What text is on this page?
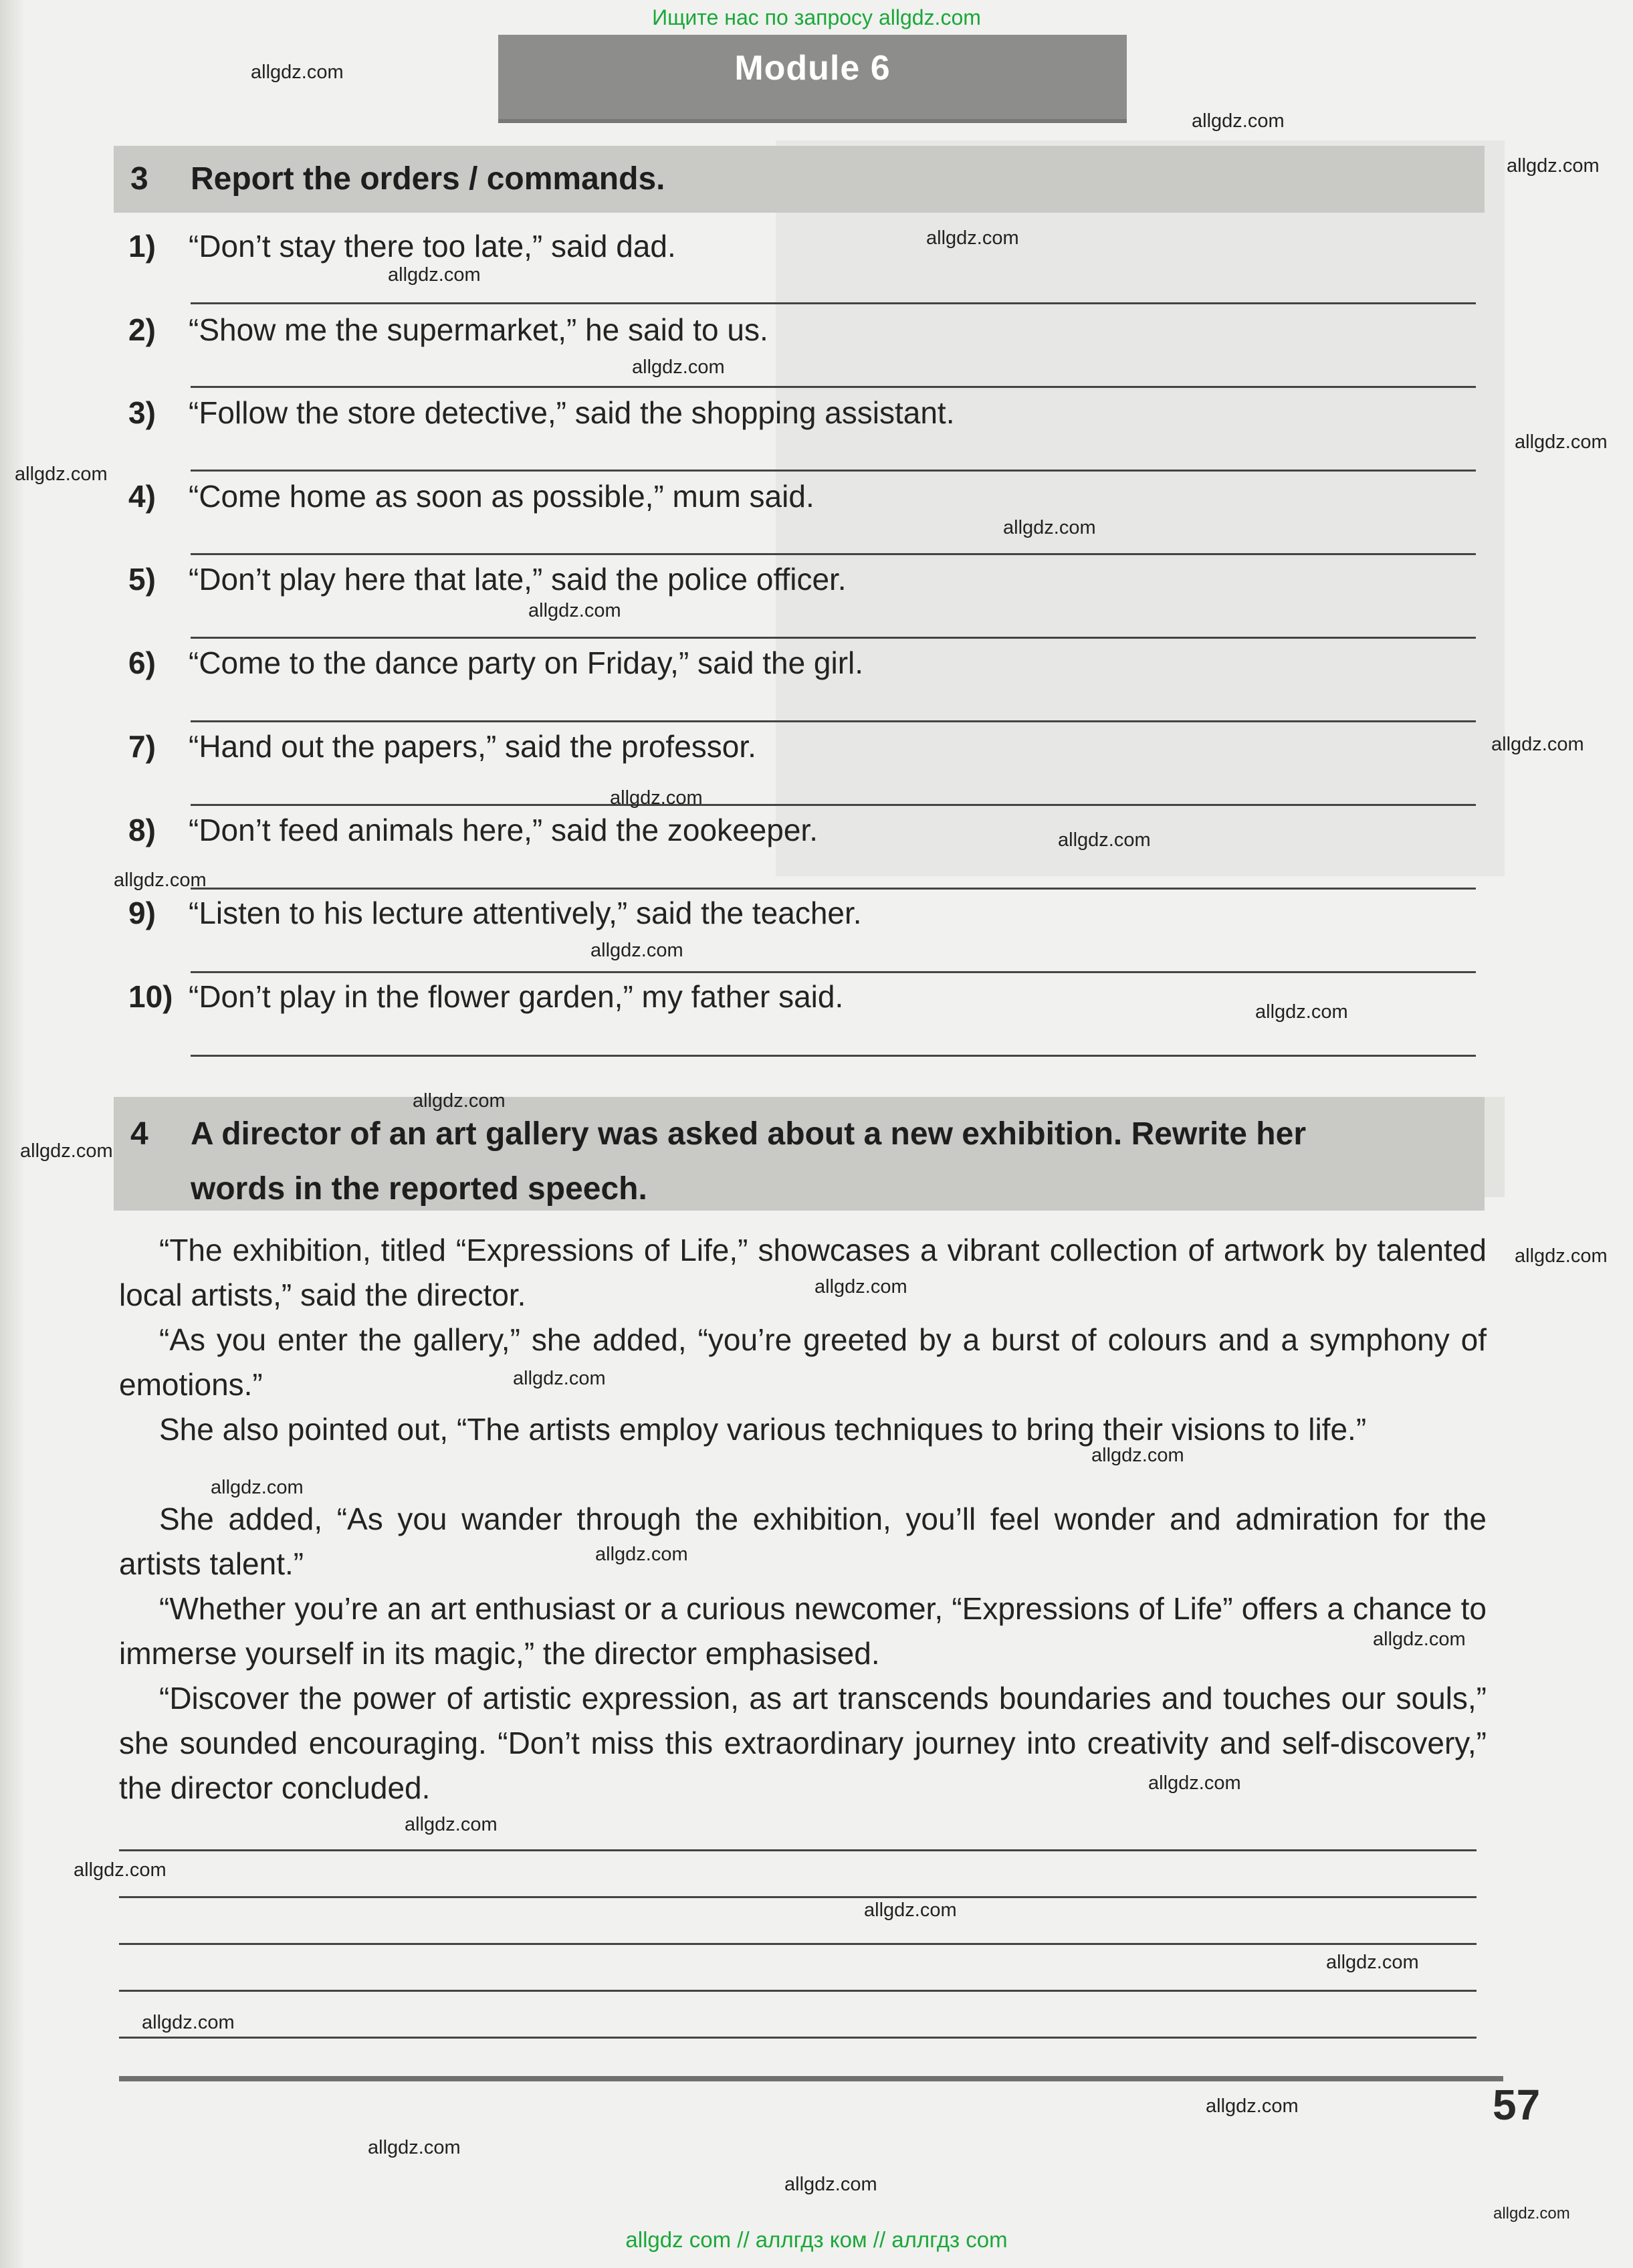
Ищите нас по запросу allgdz.com
Module 6
3 Report the orders / commands.
1) “Don’t stay there too late,” said dad.
2) “Show me the supermarket,” he said to us.
3) “Follow the store detective,” said the shopping assistant.
4) “Come home as soon as possible,” mum said.
5) “Don’t play here that late,” said the police officer.
6) “Come to the dance party on Friday,” said the girl.
7) “Hand out the papers,” said the professor.
8) “Don’t feed animals here,” said the zookeeper.
9) “Listen to his lecture attentively,” said the teacher.
10) “Don’t play in the flower garden,” my father said.
4 A director of an art gallery was asked about a new exhibition. Rewrite her
words in the reported speech.
“The exhibition, titled “Expressions of Life,” showcases a vibrant collection of artwork by talented local artists,” said the director.
“As you enter the gallery,” she added, “you’re greeted by a burst of colours and a symphony of emotions.”
She also pointed out, “The artists employ various techniques to bring their visions to life.”
She added, “As you wander through the exhibition, you’ll feel wonder and admiration for the artists talent.”
“Whether you’re an art enthusiast or a curious newcomer, “Expressions of Life” offers a chance to immerse yourself in its magic,” the director emphasised.
“Discover the power of artistic expression, as art transcends boundaries and touches our souls,” she sounded encouraging. “Don’t miss this extraordinary journey into creativity and self-discovery,” the director concluded.
57
allgdz.com
allgdz.com
allgdz.com
allgdz.com
allgdz.com
allgdz.com
allgdz.com
allgdz.com
allgdz.com
allgdz.com
allgdz.com
allgdz.com
allgdz.com
allgdz.com
allgdz.com
allgdz.com
allgdz.com
allgdz.com
allgdz.com
allgdz.com
allgdz.com
allgdz.com
allgdz.com
allgdz.com
allgdz.com
allgdz.com
allgdz.com
allgdz.com
allgdz.com
allgdz.com
allgdz.com
allgdz.com
allgdz.com
allgdz.com
allgdz.com
allgdz com // аллгдз ком // аллгдз com
